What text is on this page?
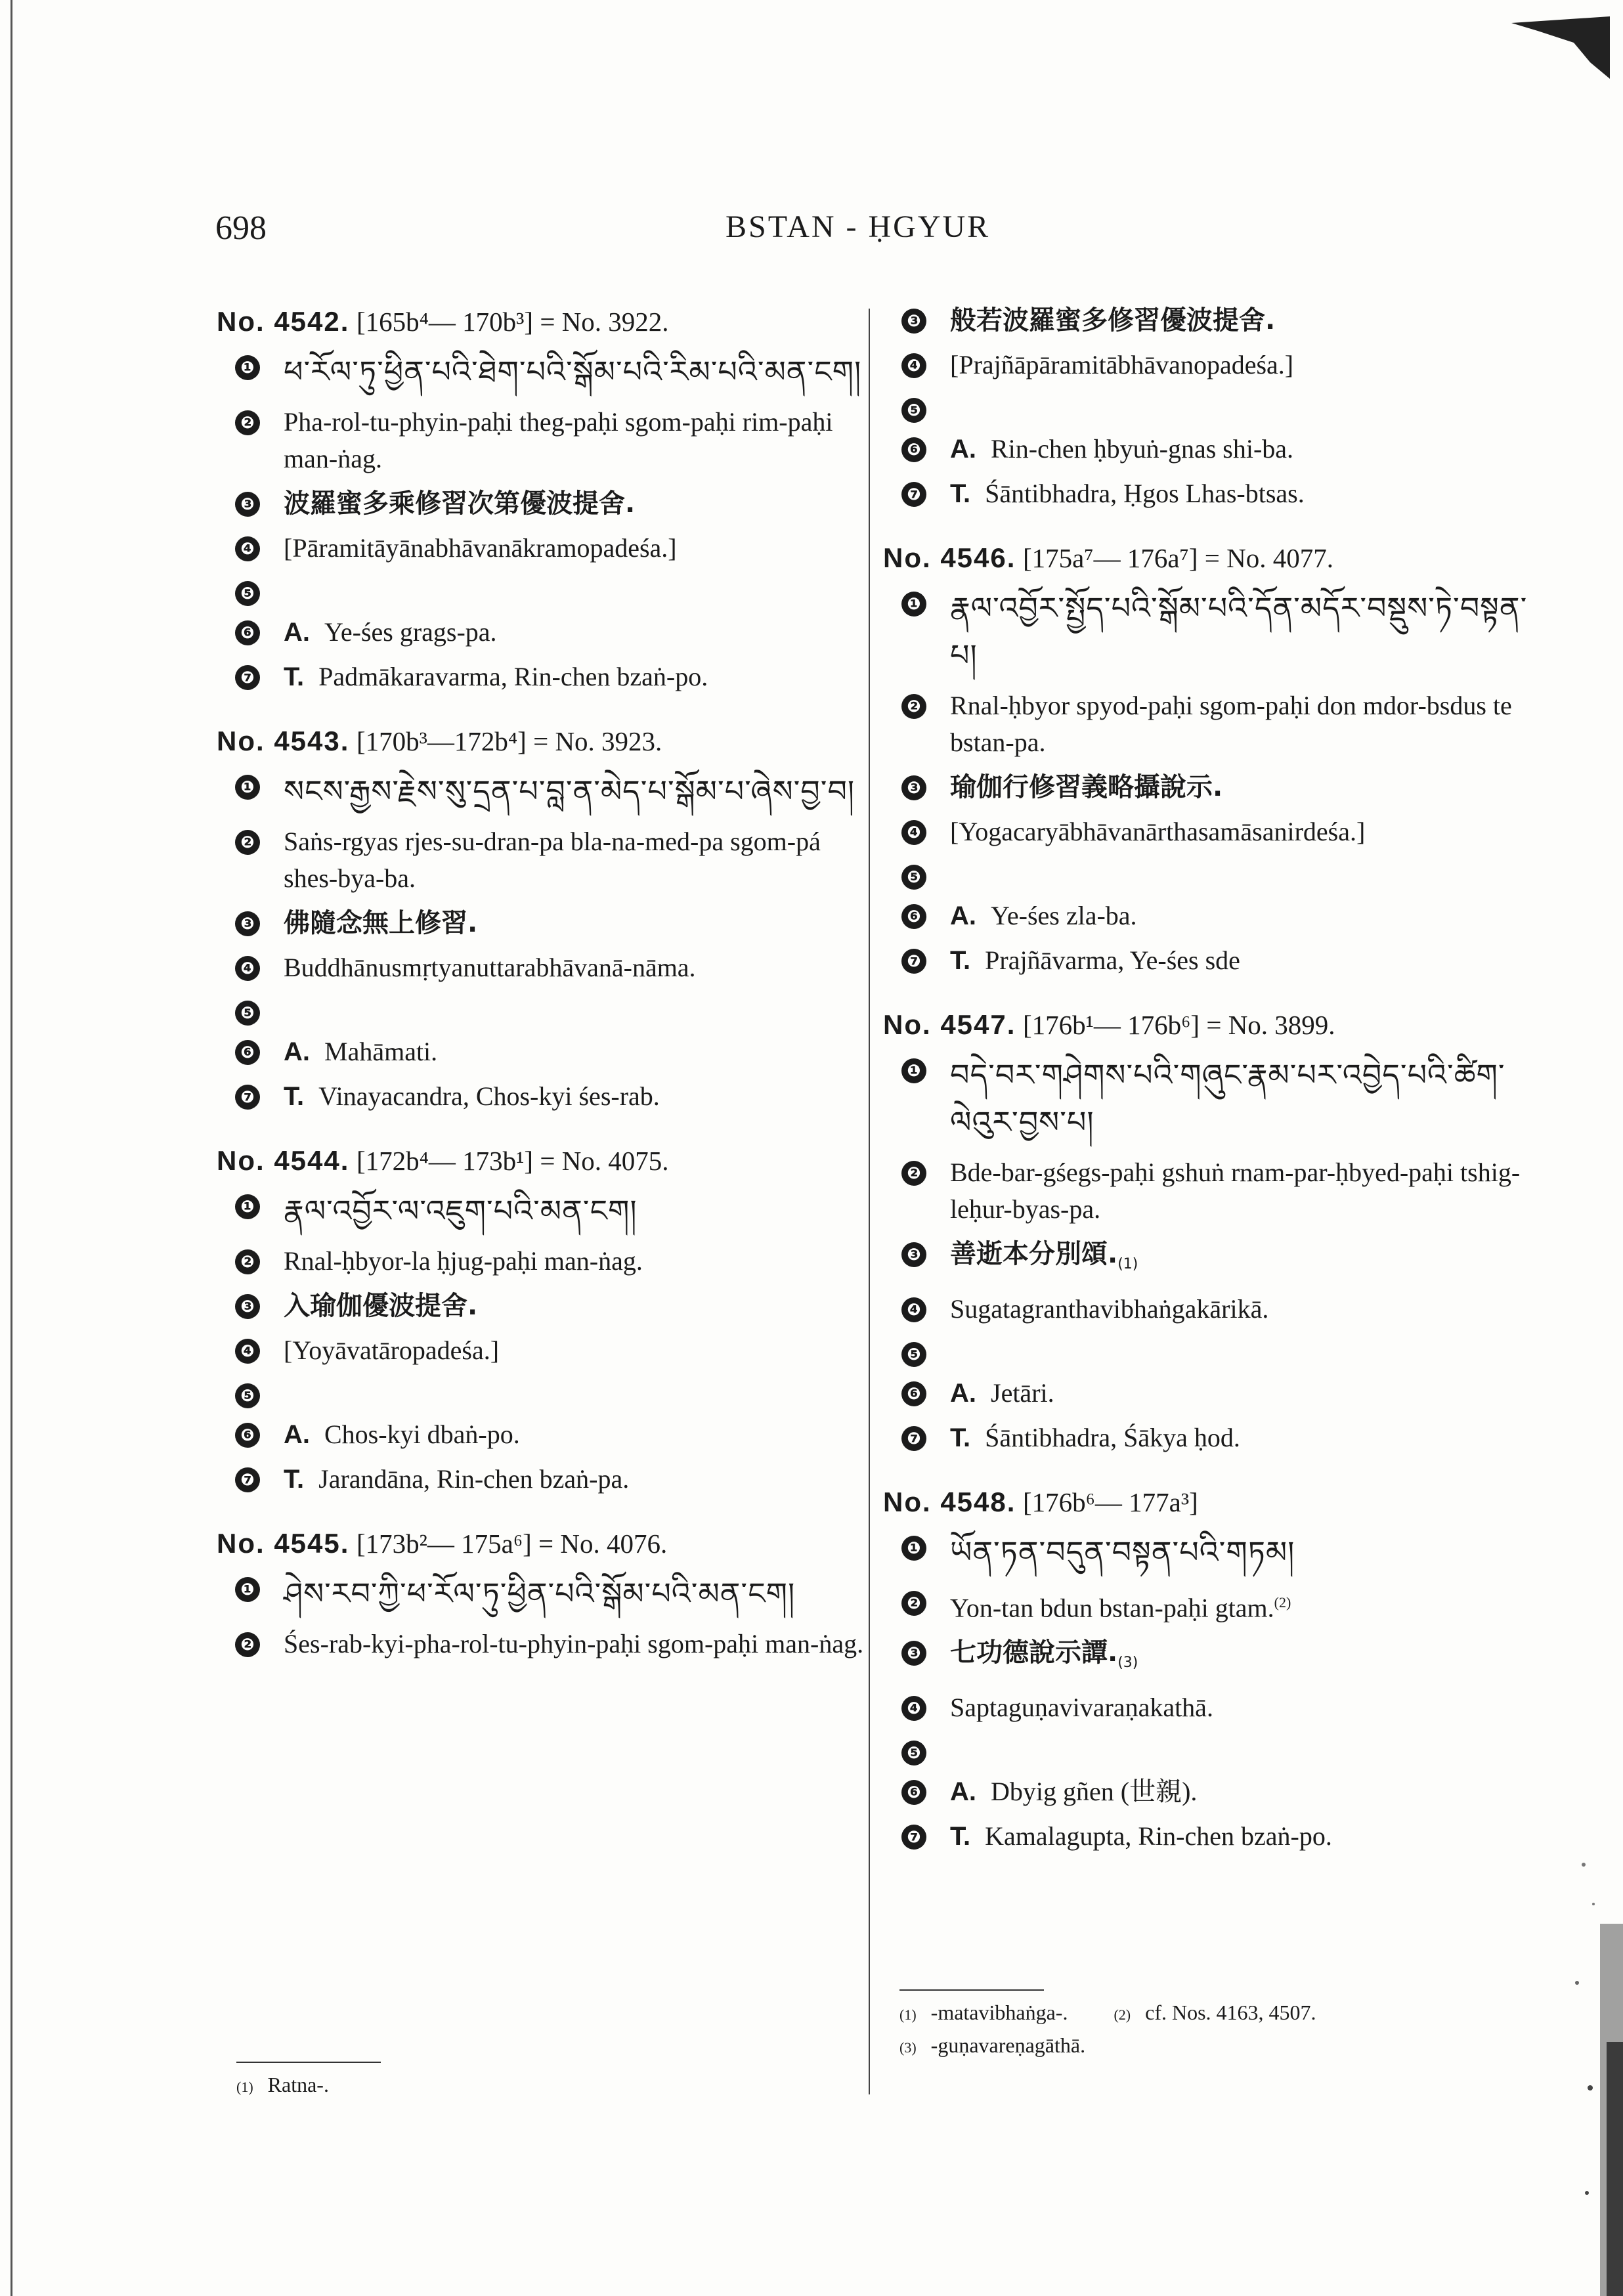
698	BSTAN - ḤGYUR
No. 4542. [165b⁴— 170b³] = No. 3922.
❶ ཕ་རོལ་ཏུ་ཕྱིན་པའི་ཐེག་པའི་སྒོམ་པའི་རིམ་པའི་མན་ངག།
❷ Pha-rol-tu-phyin-paḥi theg-paḥi sgom-paḥi rim-paḥi man-ṅag.
❸ 波羅蜜多乘修習次第優波提舍.
❹ [Pāramitāyānabhāvanākramopadeśa.]
❺
❻ A. Ye-śes grags-pa.
❼ T. Padmākaravarma, Rin-chen bzaṅ-po.
No. 4543. [170b³—172b⁴] = No. 3923.
❶ སངས་རྒྱས་རྗེས་སུ་དྲན་པ་བླ་ན་མེད་པ་སྒོམ་པ་ཞེས་བྱ་བ།
❷ Saṅs-rgyas rjes-su-dran-pa bla-na-med-pa sgom-pá shes-bya-ba.
❸ 佛隨念無上修習.
❹ Buddhānusmṛtyanuttarabhāvanā-nāma.
❺
❻ A. Mahāmati.
❼ T. Vinayacandra, Chos-kyi śes-rab.
No. 4544. [172b⁴— 173b¹] = No. 4075.
❶ རྣལ་འབྱོར་ལ་འཇུག་པའི་མན་ངག།
❷ Rnal-ḥbyor-la ḥjug-paḥi man-ṅag.
❸ 入瑜伽優波提舍.
❹ [Yoyāvatāropadeśa.]
❺
❻ A. Chos-kyi dbaṅ-po.
❼ T. Jarandāna, Rin-chen bzaṅ-pa.
No. 4545. [173b²— 175a⁶] = No. 4076.
❶ ཤེས་རབ་ཀྱི་ཕ་རོལ་ཏུ་ཕྱིན་པའི་སྒོམ་པའི་མན་ངག།
❷ Śes-rab-kyi-pha-rol-tu-phyin-paḥi sgom-paḥi man-ṅag.
(1) Ratna-.
❸ 般若波羅蜜多修習優波提舍.
❹ [Prajñāpāramitābhāvanopadeśa.]
❺
❻ A. Rin-chen ḥbyuṅ-gnas shi-ba.
❼ T. Śāntibhadra, Ḥgos Lhas-btsas.
No. 4546. [175a⁷— 176a⁷] = No. 4077.
❶ རྣལ་འབྱོར་སྤྱོད་པའི་སྒོམ་པའི་དོན་མདོར་བསྡུས་ཏེ་བསྟན་པ།
❷ Rnal-ḥbyor spyod-paḥi sgom-paḥi don mdor-bsdus te bstan-pa.
❸ 瑜伽行修習義略攝說示.
❹ [Yogacaryābhāvanārthasamāsanirdeśa.]
❺
❻ A. Ye-śes zla-ba.
❼ T. Prajñāvarma, Ye-śes sde
No. 4547. [176b¹— 176b⁶] = No. 3899.
❶ བདེ་བར་གཤེགས་པའི་གཞུང་རྣམ་པར་འབྱེད་པའི་ཚིག་ལེའུར་བྱས་པ།
❷ Bde-bar-gśegs-paḥi gshuṅ rnam-par-ḥbyed-paḥi tshig-leḥur-byas-pa.
❸ 善逝本分別頌$._{(1)}$
❹ Sugatagranthavibhaṅgakārikā.
❺
❻ A. Jetāri.
❼ T. Śāntibhadra, Śākya ḥod.
No. 4548. [176b⁶— 177a³]
❶ ཡོན་ཏན་བདུན་བསྟན་པའི་གཏམ།
❷ Yon-tan bdun bstan-paḥi gtam.$^{(2)}$
❸ 七功德說示譚$._{(3)}$
❹ Saptaguṇavivaraṇakathā.
❺
❻ A. Dbyig gñen (世親).
❼ T. Kamalagupta, Rin-chen bzaṅ-po.
(1) -matavibhaṅga-.	(2) cf. Nos. 4163, 4507.
(3) -guṇavareṇagāthā.
